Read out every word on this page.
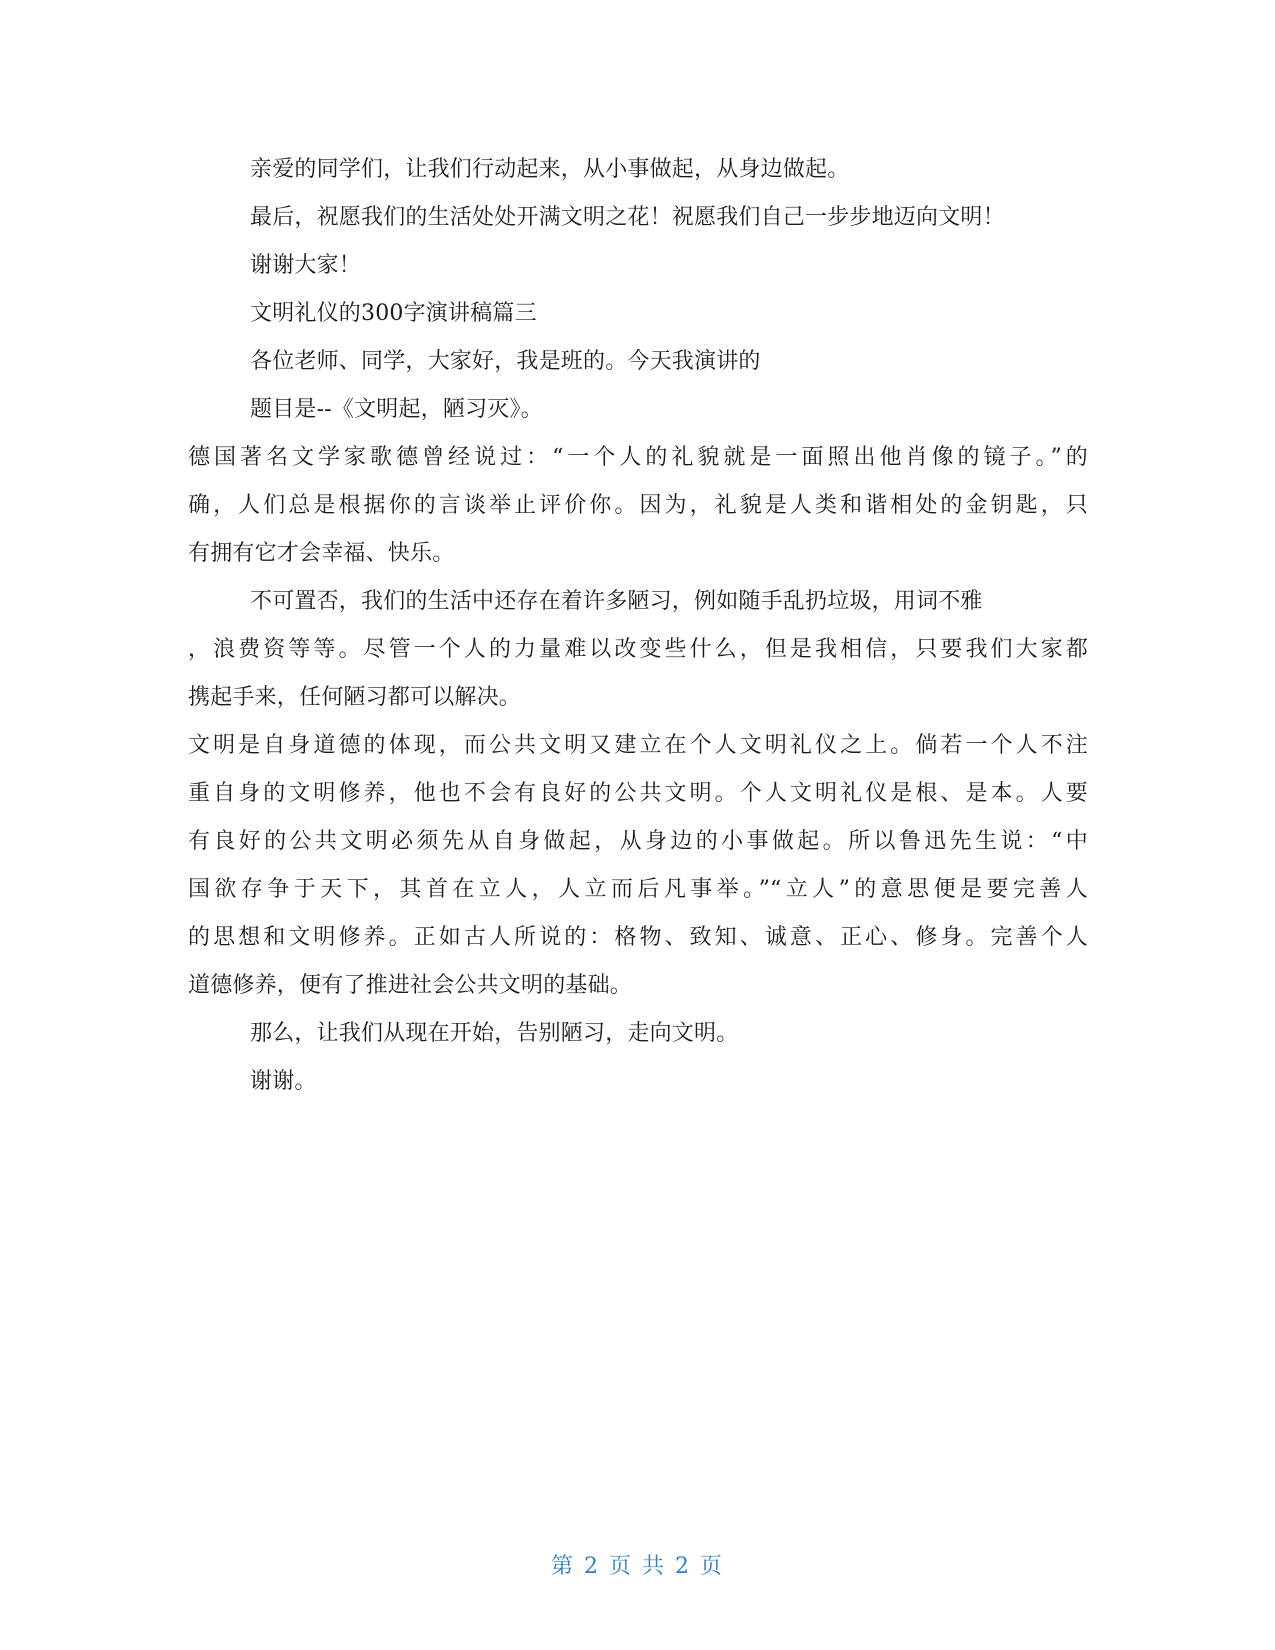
亲爱的同学们，让我们行动起来，从小事做起，从身边做起。
最后，祝愿我们的生活处处开满文明之花！祝愿我们自己一步步地迈向文明！
谢谢大家！
文明礼仪的300字演讲稿篇三
各位老师、同学，大家好，我是班的。今天我演讲的
题目是--《文明起，陋习灭》。
德国著名文学家歌德曾经说过：“一个人的礼貌就是一面照出他肖像的镜子。”的
确，人们总是根据你的言谈举止评价你。因为，礼貌是人类和谐相处的金钥匙，只
有拥有它才会幸福、快乐。
不可置否，我们的生活中还存在着许多陋习，例如随手乱扔垃圾，用词不雅
，浪费资等等。尽管一个人的力量难以改变些什么，但是我相信，只要我们大家都
携起手来，任何陋习都可以解决。
文明是自身道德的体现，而公共文明又建立在个人文明礼仪之上。倘若一个人不注
重自身的文明修养，他也不会有良好的公共文明。个人文明礼仪是根、是本。人要
有良好的公共文明必须先从自身做起，从身边的小事做起。所以鲁迅先生说：“中
国欲存争于天下，其首在立人，人立而后凡事举。”“立人”的意思便是要完善人
的思想和文明修养。正如古人所说的：格物、致知、诚意、正心、修身。完善个人
道德修养，便有了推进社会公共文明的基础。
那么，让我们从现在开始，告别陋习，走向文明。
谢谢。
第 2 页 共 2 页
